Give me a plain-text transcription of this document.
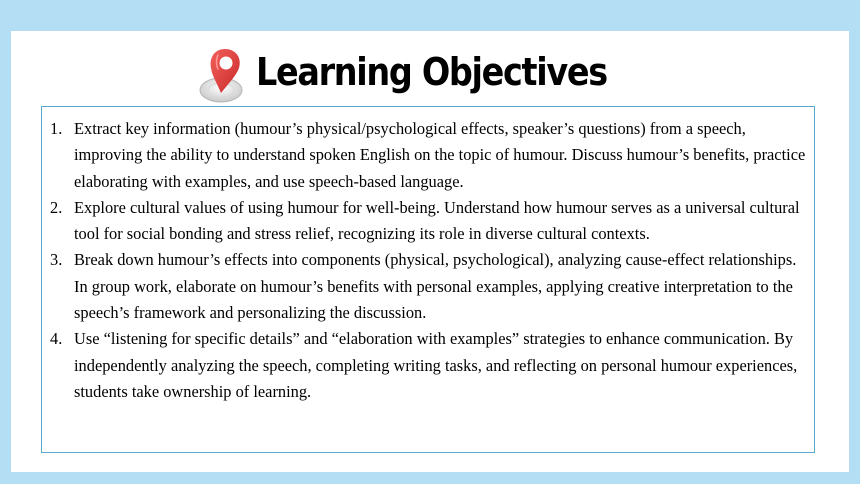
Learning Objectives
1. Extract key information (humour’s physical/psychological effects, speaker’s questions) from a speech, improving the ability to understand spoken English on the topic of humour. Discuss humour’s benefits, practice elaborating with examples, and use speech-based language.
2. Explore cultural values of using humour for well-being. Understand how humour serves as a universal cultural tool for social bonding and stress relief, recognizing its role in diverse cultural contexts.
3. Break down humour’s effects into components (physical, psychological), analyzing cause-effect relationships. In group work, elaborate on humour’s benefits with personal examples, applying creative interpretation to the speech’s framework and personalizing the discussion.
4. Use “listening for specific details” and “elaboration with examples” strategies to enhance communication. By independently analyzing the speech, completing writing tasks, and reflecting on personal humour experiences, students take ownership of learning.
